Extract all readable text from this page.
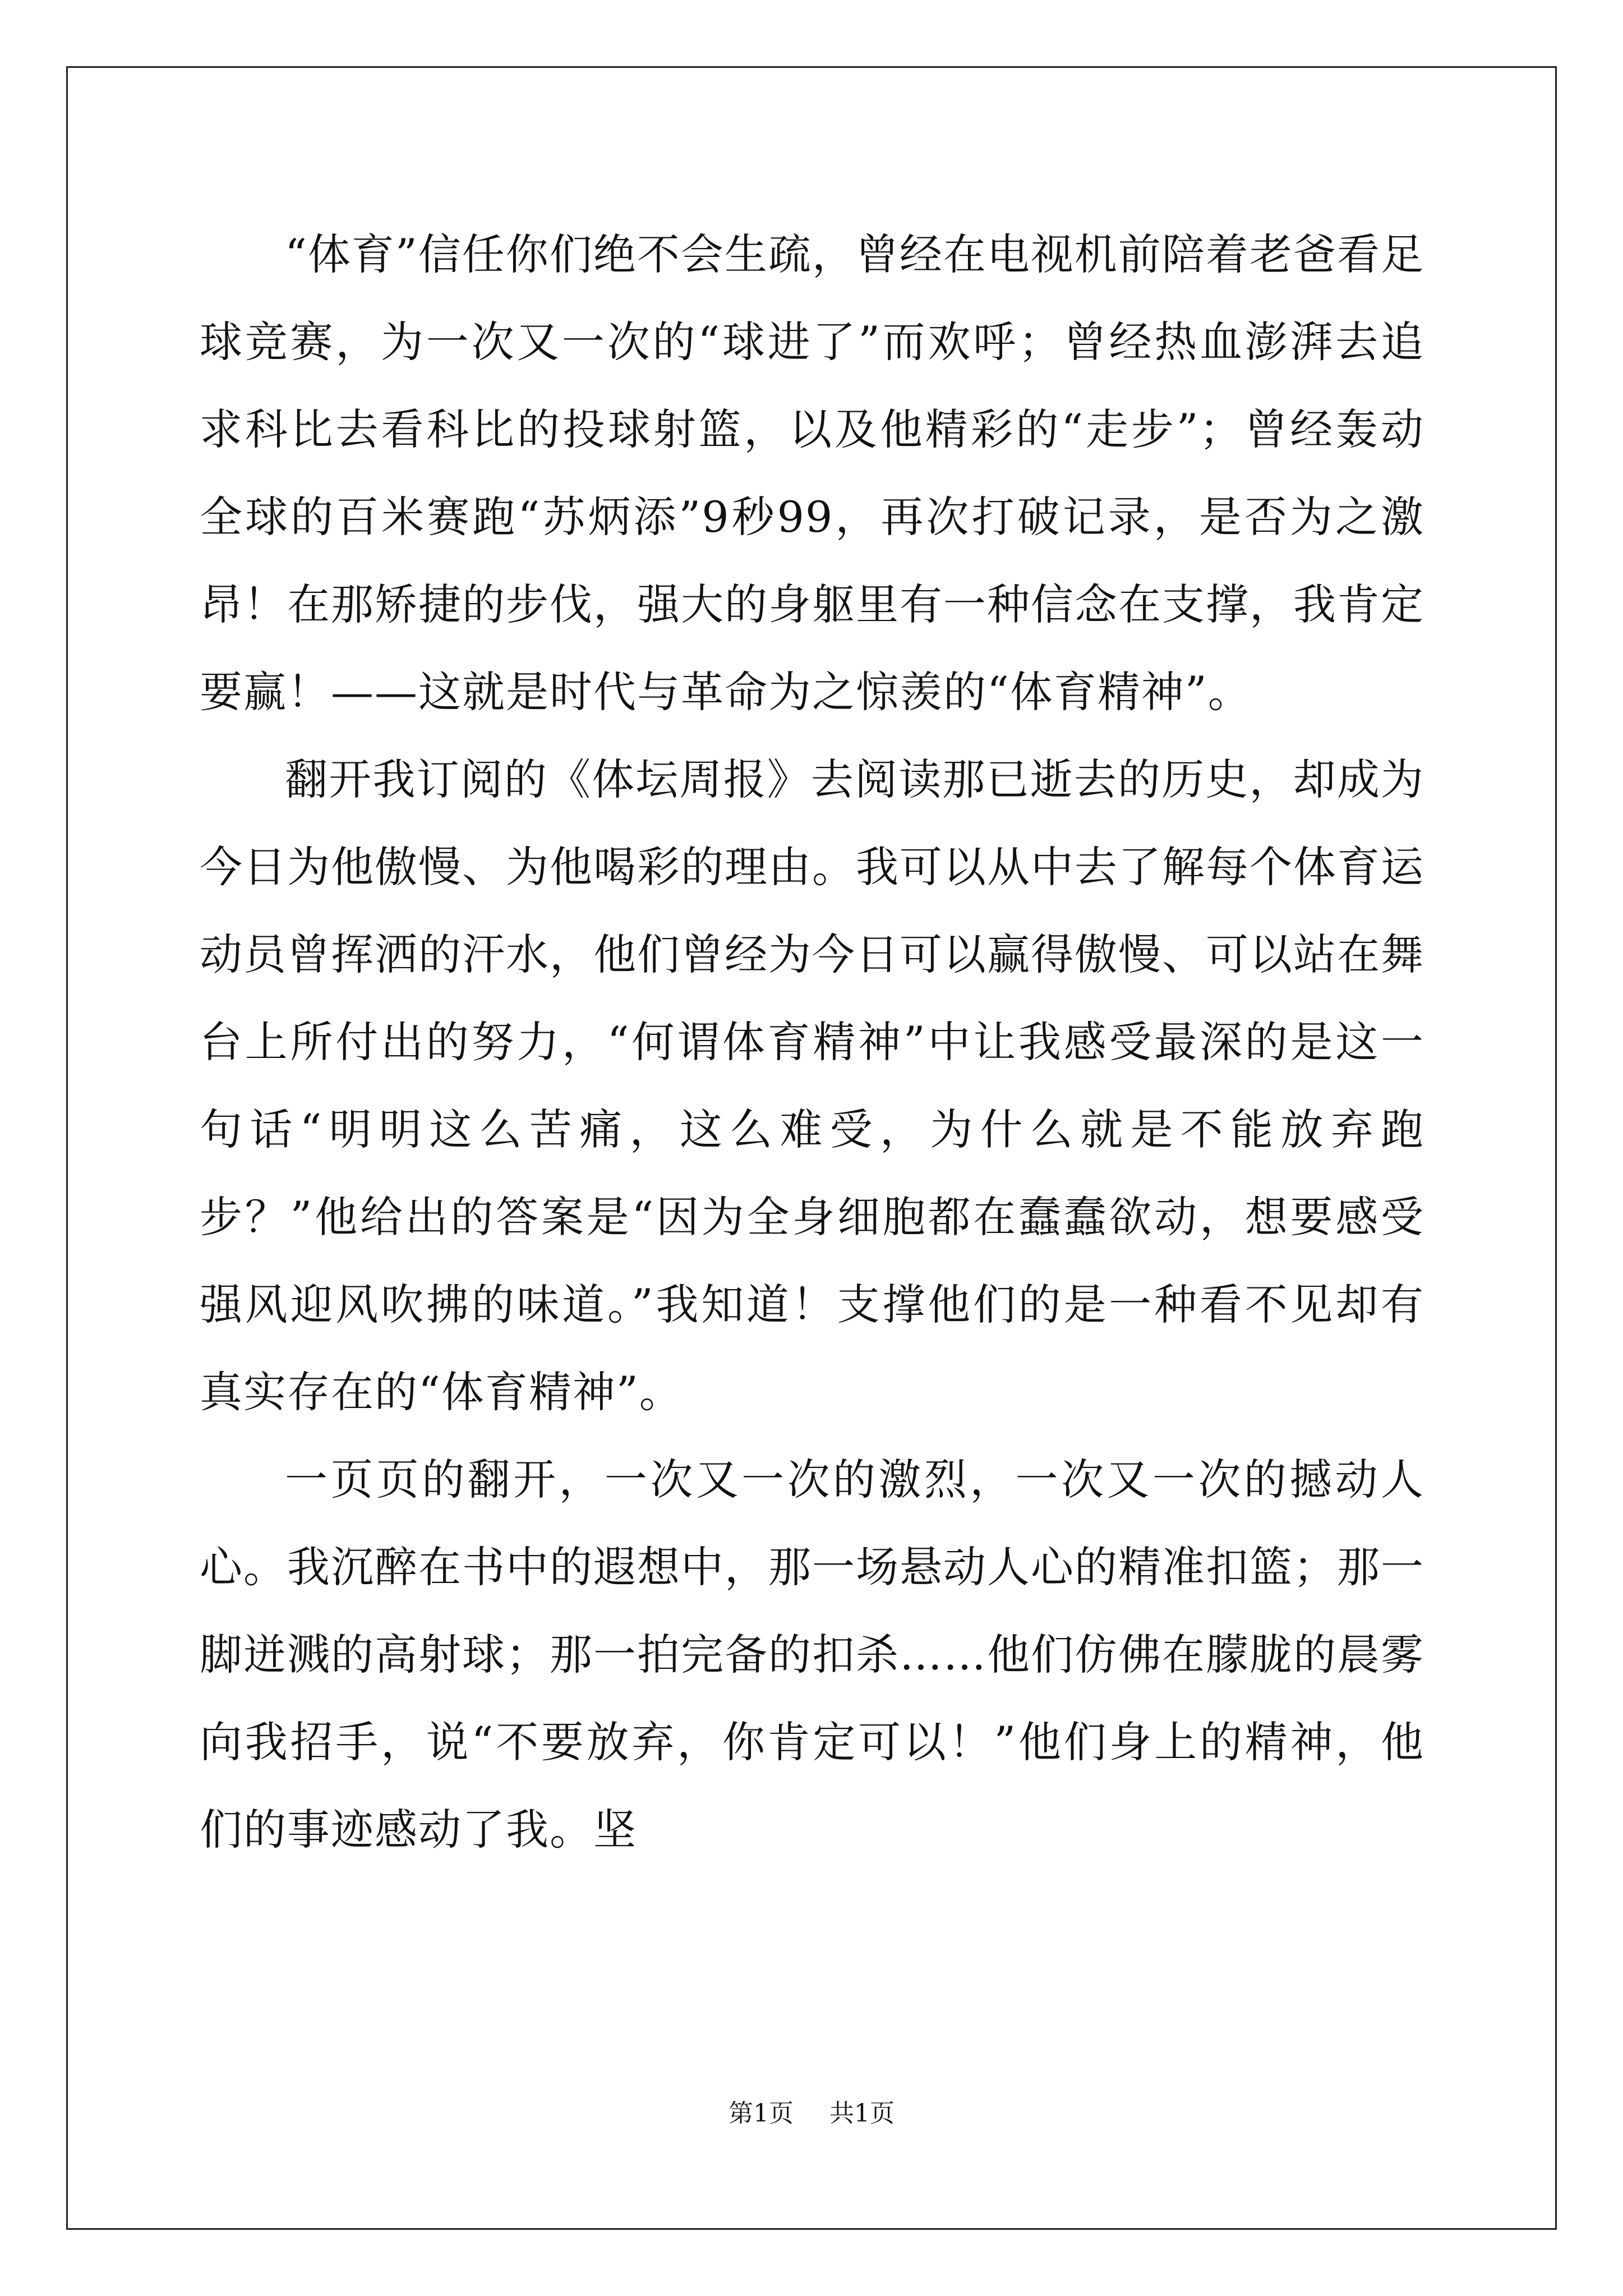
“体育”信任你们绝不会生疏，曾经在电视机前陪着老爸看足球竞赛，为一次又一次的“球进了”而欢呼；曾经热血澎湃去追求科比去看科比的投球射篮，以及他精彩的“走步”；曾经轰动全球的百米赛跑“苏炳添”9秒99，再次打破记录，是否为之激昂！在那矫捷的步伐，强大的身躯里有一种信念在支撑，我肯定要赢！——这就是时代与革命为之惊羡的“体育精神”。

翻开我订阅的《体坛周报》去阅读那已逝去的历史，却成为今日为他傲慢、为他喝彩的理由。我可以从中去了解每个体育运动员曾挥洒的汗水，他们曾经为今日可以赢得傲慢、可以站在舞台上所付出的努力，“何谓体育精神”中让我感受最深的是这一句话“明明这么苦痛，这么难受，为什么就是不能放弃跑步？”他给出的答案是“因为全身细胞都在蠢蠢欲动，想要感受强风迎风吹拂的味道。”我知道！支撑他们的是一种看不见却有真实存在的“体育精神”。

一页页的翻开，一次又一次的激烈，一次又一次的撼动人心。我沉醉在书中的遐想中，那一场悬动人心的精准扣篮；那一脚迸溅的高射球；那一拍完备的扣杀……他们仿佛在朦胧的晨雾向我招手，说“不要放弃，你肯定可以！”他们身上的精神，他们的事迹感动了我。坚

第1页 共1页
